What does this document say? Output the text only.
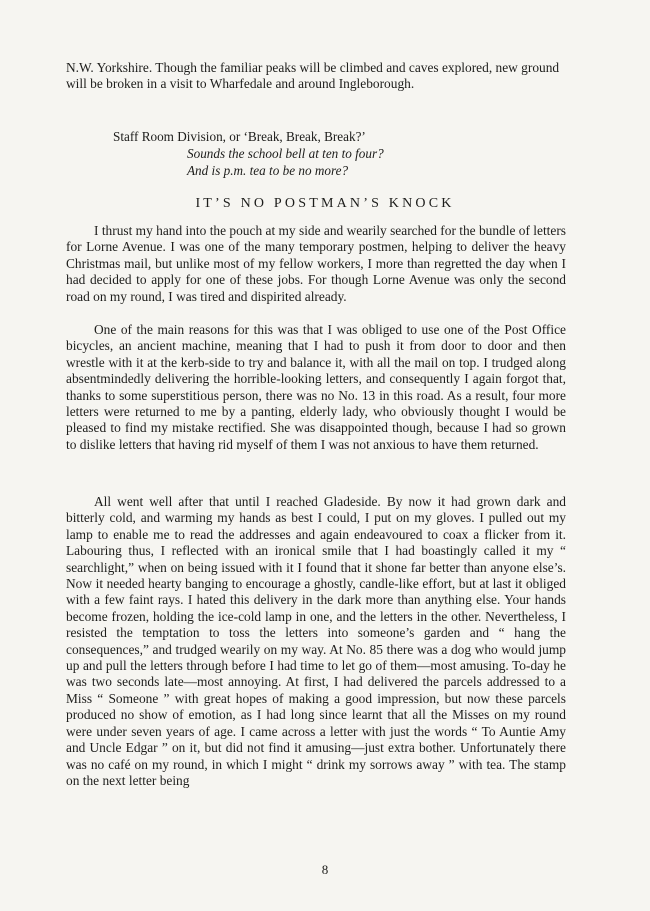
N.W. Yorkshire. Though the familiar peaks will be climbed and caves explored, new ground will be broken in a visit to Wharfedale and around Ingleborough.

Staff Room Division, or ‘Break, Break, Break?’
Sounds the school bell at ten to four?
And is p.m. tea to be no more?
IT’S NO POSTMAN’S KNOCK

I thrust my hand into the pouch at my side and wearily searched for the bundle of letters for Lorne Avenue. I was one of the many temporary postmen, helping to deliver the heavy Christmas mail, but unlike most of my fellow workers, I more than regretted the day when I had decided to apply for one of these jobs. For though Lorne Avenue was only the second road on my round, I was tired and dispirited already.

One of the main reasons for this was that I was obliged to use one of the Post Office bicycles, an ancient machine, meaning that I had to push it from door to door and then wrestle with it at the kerb-side to try and balance it, with all the mail on top. I trudged along absentmindedly delivering the horrible-looking letters, and consequently I again forgot that, thanks to some superstitious person, there was no No. 13 in this road. As a result, four more letters were returned to me by a panting, elderly lady, who obviously thought I would be pleased to find my mistake rectified. She was disappointed though, because I had so grown to dislike letters that having rid myself of them I was not anxious to have them returned.

All went well after that until I reached Gladeside. By now it had grown dark and bitterly cold, and warming my hands as best I could, I put on my gloves. I pulled out my lamp to enable me to read the addresses and again endeavoured to coax a flicker from it. Labouring thus, I reflected with an ironical smile that I had boastingly called it my “ searchlight,” when on being issued with it I found that it shone far better than anyone else’s. Now it needed hearty banging to encourage a ghostly, candle-like effort, but at last it obliged with a few faint rays. I hated this delivery in the dark more than anything else. Your hands become frozen, holding the ice-cold lamp in one, and the letters in the other. Nevertheless, I resisted the temptation to toss the letters into someone’s garden and “ hang the consequences,” and trudged wearily on my way. At No. 85 there was a dog who would jump up and pull the letters through before I had time to let go of them—most amusing. To-day he was two seconds late—most annoying. At first, I had delivered the parcels addressed to a Miss “ Someone ” with great hopes of making a good impression, but now these parcels produced no show of emotion, as I had long since learnt that all the Misses on my round were under seven years of age. I came across a letter with just the words “ To Auntie Amy and Uncle Edgar ” on it, but did not find it amusing—just extra bother. Unfortunately there was no café on my round, in which I might “ drink my sorrows away ” with tea. The stamp on the next letter being

8
